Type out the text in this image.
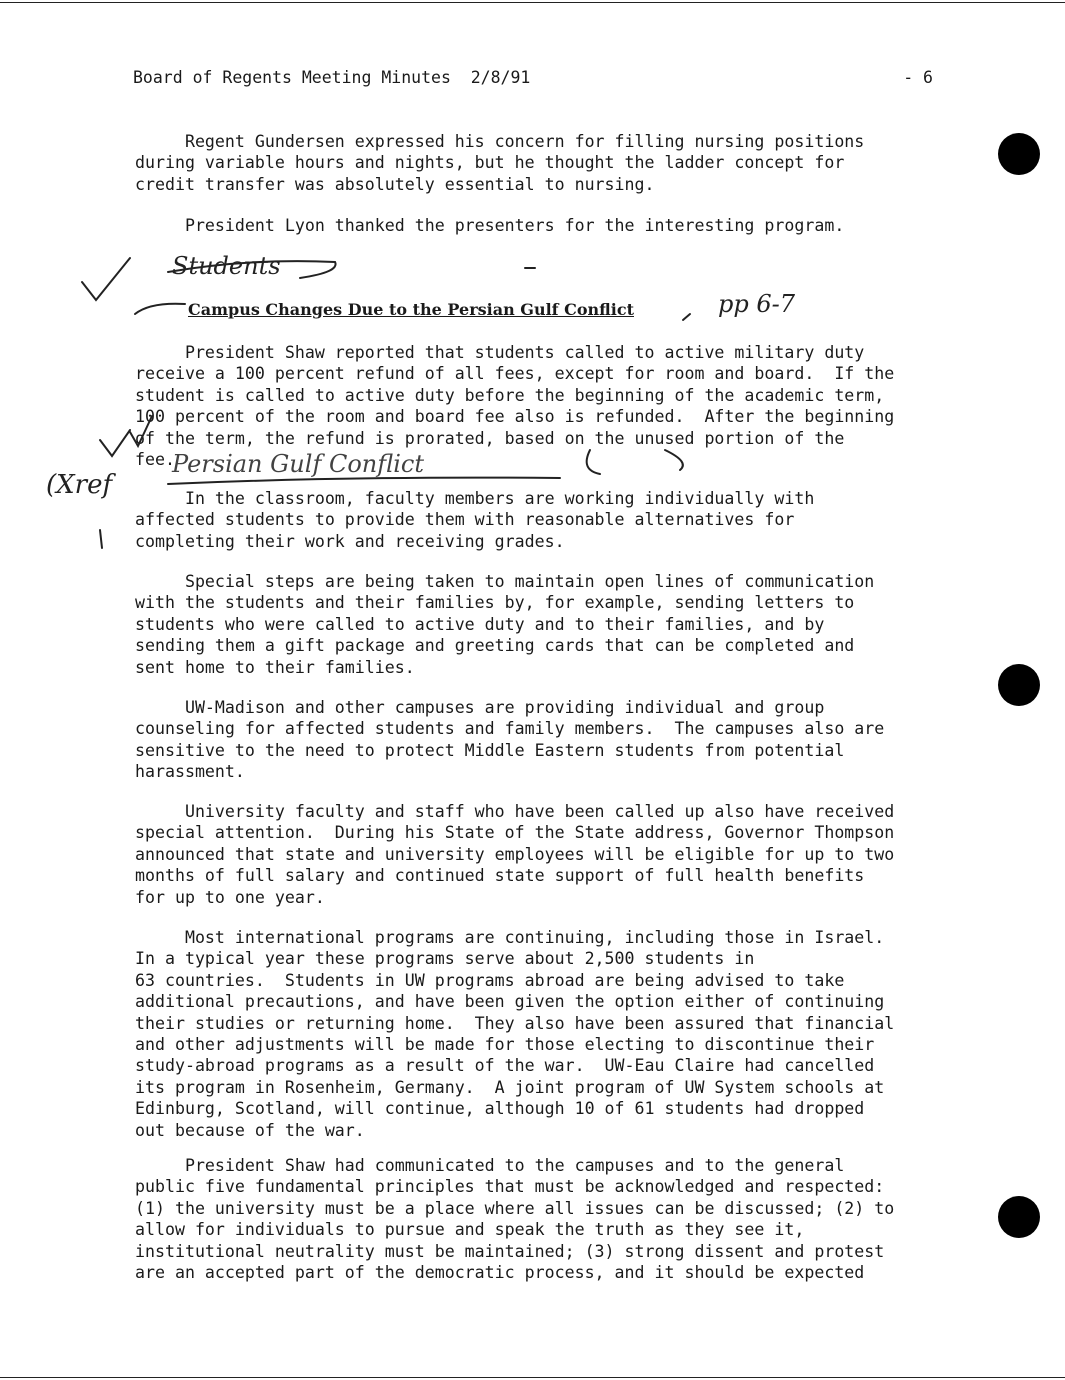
Board of Regents Meeting Minutes  2/8/91	- 6
Regent Gundersen expressed his concern for filling nursing positions
during variable hours and nights, but he thought the ladder concept for
credit transfer was absolutely essential to nursing.
President Lyon thanked the presenters for the interesting program.
Campus Changes Due to the Persian Gulf Conflict
President Shaw reported that students called to active military duty
receive a 100 percent refund of all fees, except for room and board.  If the
student is called to active duty before the beginning of the academic term,
100 percent of the room and board fee also is refunded.  After the beginning
of the term, the refund is prorated, based on the unused portion of the
fee.
In the classroom, faculty members are working individually with
affected students to provide them with reasonable alternatives for
completing their work and receiving grades.
Special steps are being taken to maintain open lines of communication
with the students and their families by, for example, sending letters to
students who were called to active duty and to their families, and by
sending them a gift package and greeting cards that can be completed and
sent home to their families.
UW-Madison and other campuses are providing individual and group
counseling for affected students and family members.  The campuses also are
sensitive to the need to protect Middle Eastern students from potential
harassment.
University faculty and staff who have been called up also have received
special attention.  During his State of the State address, Governor Thompson
announced that state and university employees will be eligible for up to two
months of full salary and continued state support of full health benefits
for up to one year.
Most international programs are continuing, including those in Israel.
In a typical year these programs serve about 2,500 students in
63 countries.  Students in UW programs abroad are being advised to take
additional precautions, and have been given the option either of continuing
their studies or returning home.  They also have been assured that financial
and other adjustments will be made for those electing to discontinue their
study-abroad programs as a result of the war.  UW-Eau Claire had cancelled
its program in Rosenheim, Germany.  A joint program of UW System schools at
Edinburg, Scotland, will continue, although 10 of 61 students had dropped
out because of the war.
President Shaw had communicated to the campuses and to the general
public five fundamental principles that must be acknowledged and respected:
(1) the university must be a place where all issues can be discussed; (2) to
allow for individuals to pursue and speak the truth as they see it,
institutional neutrality must be maintained; (3) strong dissent and protest
are an accepted part of the democratic process, and it should be expected
Students
pp 6-7
Persian Gulf Conflict
(Xref
